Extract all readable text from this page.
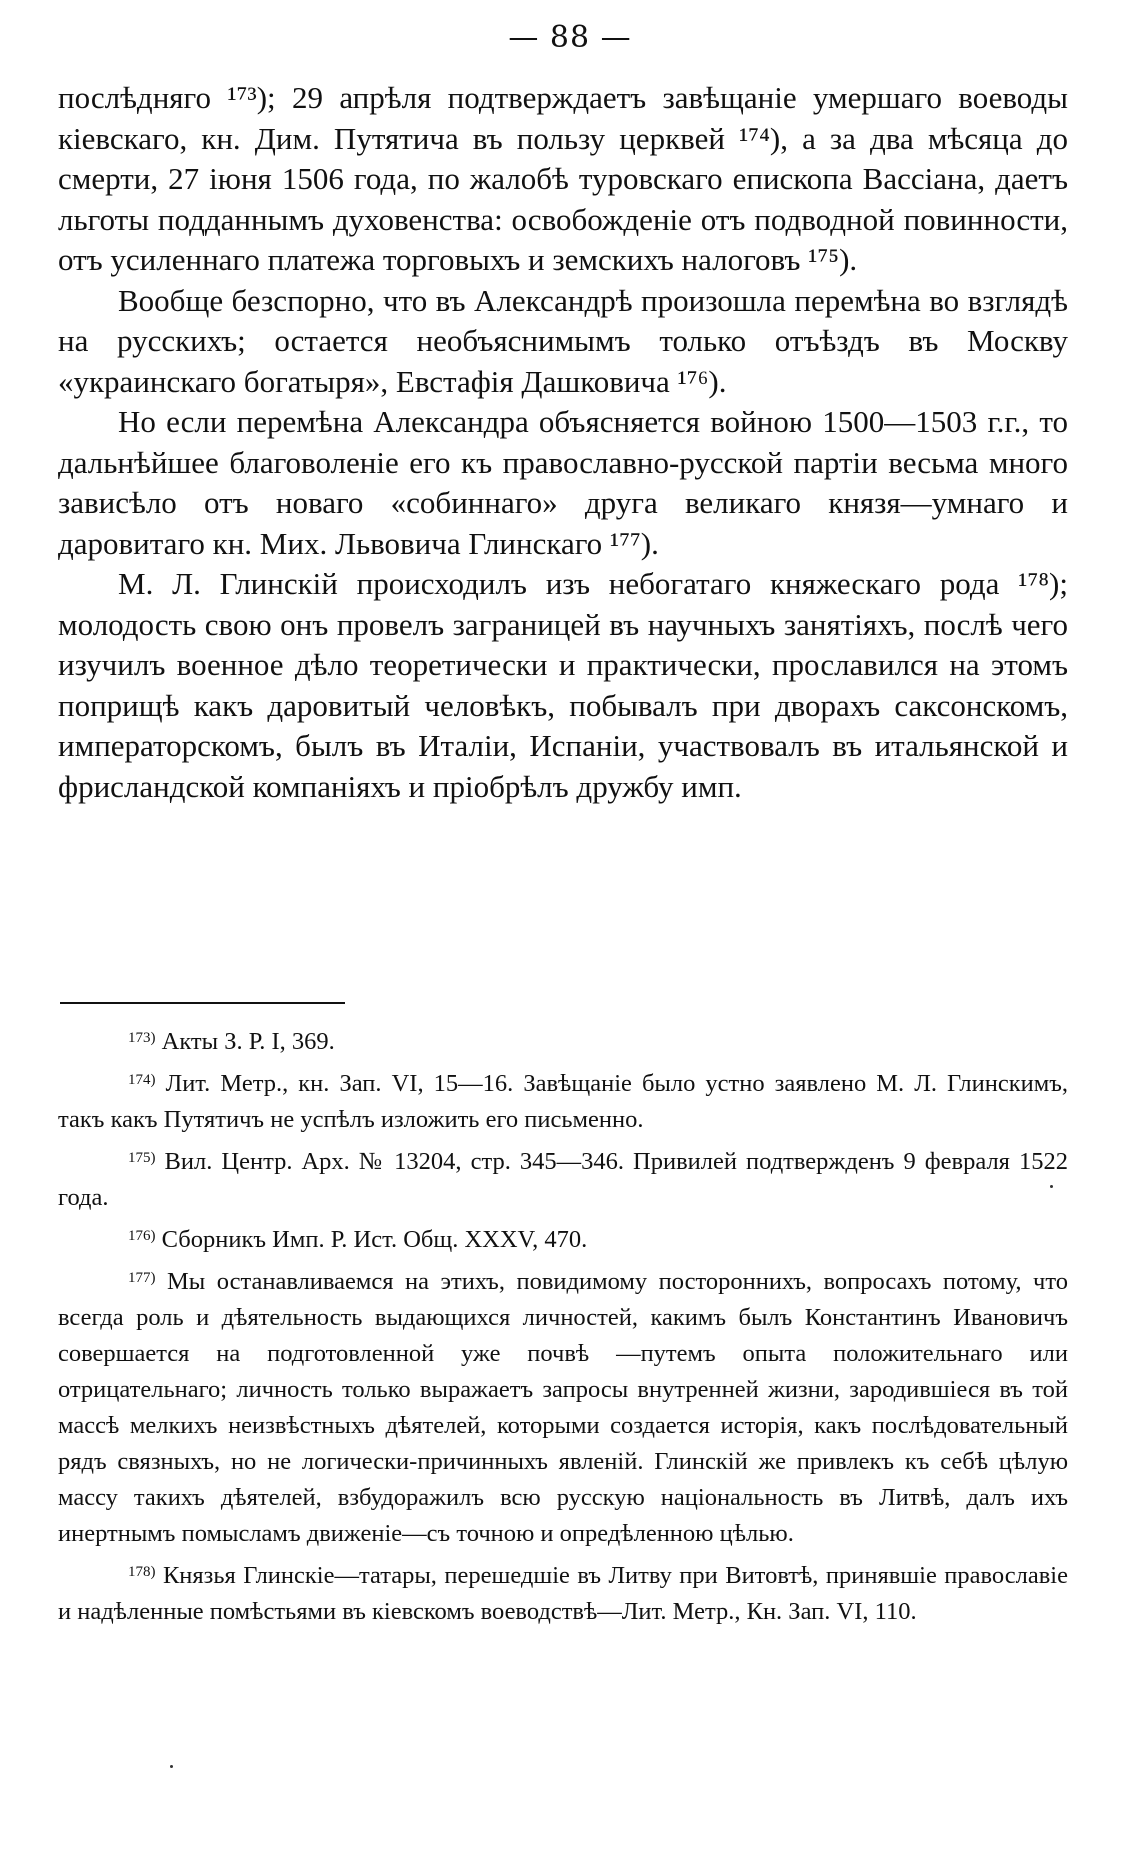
— 88 —

послѣдняго ¹⁷³); 29 апрѣля подтверждаетъ завѣщаніе умершаго воеводы кіевскаго, кн. Дим. Путятича въ пользу церквей ¹⁷⁴), а за два мѣсяца до смерти, 27 іюня 1506 года, по жалобѣ туровскаго епископа Вассіана, даетъ льготы подданнымъ духовенства: освобожденіе отъ подводной повинности, отъ усиленнаго платежа торговыхъ и земскихъ налоговъ ¹⁷⁵).

Вообще безспорно, что въ Александрѣ произошла перемѣна во взглядѣ на русскихъ; остается необъяснимымъ только отъѣздъ въ Москву «украинскаго богатыря», Евстафія Дашковича ¹⁷⁶).

Но если перемѣна Александра объясняется войною 1500—1503 г.г., то дальнѣйшее благоволеніе его къ православно-русской партіи весьма много зависѣло отъ новаго «собиннаго» друга великаго князя—умнаго и даровитаго кн. Мих. Львовича Глинскаго ¹⁷⁷).

М. Л. Глинскій происходилъ изъ небогатаго княжескаго рода ¹⁷⁸); молодость свою онъ провелъ заграницей въ научныхъ занятіяхъ, послѣ чего изучилъ военное дѣло теоретически и практически, прославился на этомъ поприщѣ какъ даровитый человѣкъ, побывалъ при дворахъ саксонскомъ, императорскомъ, былъ въ Италіи, Испаніи, участвовалъ въ итальянской и фрисландской компаніяхъ и пріобрѣлъ дружбу имп.

$^{173)}$ Акты З. Р. I, 369.

$^{174)}$ Лит. Метр., кн. Зап. VI, 15—16. Завѣщаніе было устно заявлено М. Л. Глинскимъ, такъ какъ Путятичъ не успѣлъ изложить его письменно.

$^{175)}$ Вил. Центр. Арх. № 13204, стр. 345—346. Привилей подтвержденъ 9 февраля 1522 года.

$^{176)}$ Сборникъ Имп. Р. Ист. Общ. XXXV, 470.

$^{177)}$ Мы останавливаемся на этихъ, повидимому постороннихъ, вопросахъ потому, что всегда роль и дѣятельность выдающихся личностей, какимъ былъ Константинъ Ивановичъ совершается на подготовленной уже почвѣ —путемъ опыта положительнаго или отрицательнаго; личность только выражаетъ запросы внутренней жизни, зародившіеся въ той массѣ мелкихъ неизвѣстныхъ дѣятелей, которыми создается исторія, какъ послѣдовательный рядъ связныхъ, но не логически-причинныхъ явленій. Глинскій же привлекъ къ себѣ цѣлую массу такихъ дѣятелей, взбудоражилъ всю русскую національность въ Литвѣ, далъ ихъ инертнымъ помысламъ движеніе—съ точною и опредѣленною цѣлью.

$^{178)}$ Князья Глинскіе—татары, перешедшіе въ Литву при Витовтѣ, принявшіе православіе и надѣленные помѣстьями въ кіевскомъ воеводствѣ—Лит. Метр., Кн. Зап. VI, 110.
